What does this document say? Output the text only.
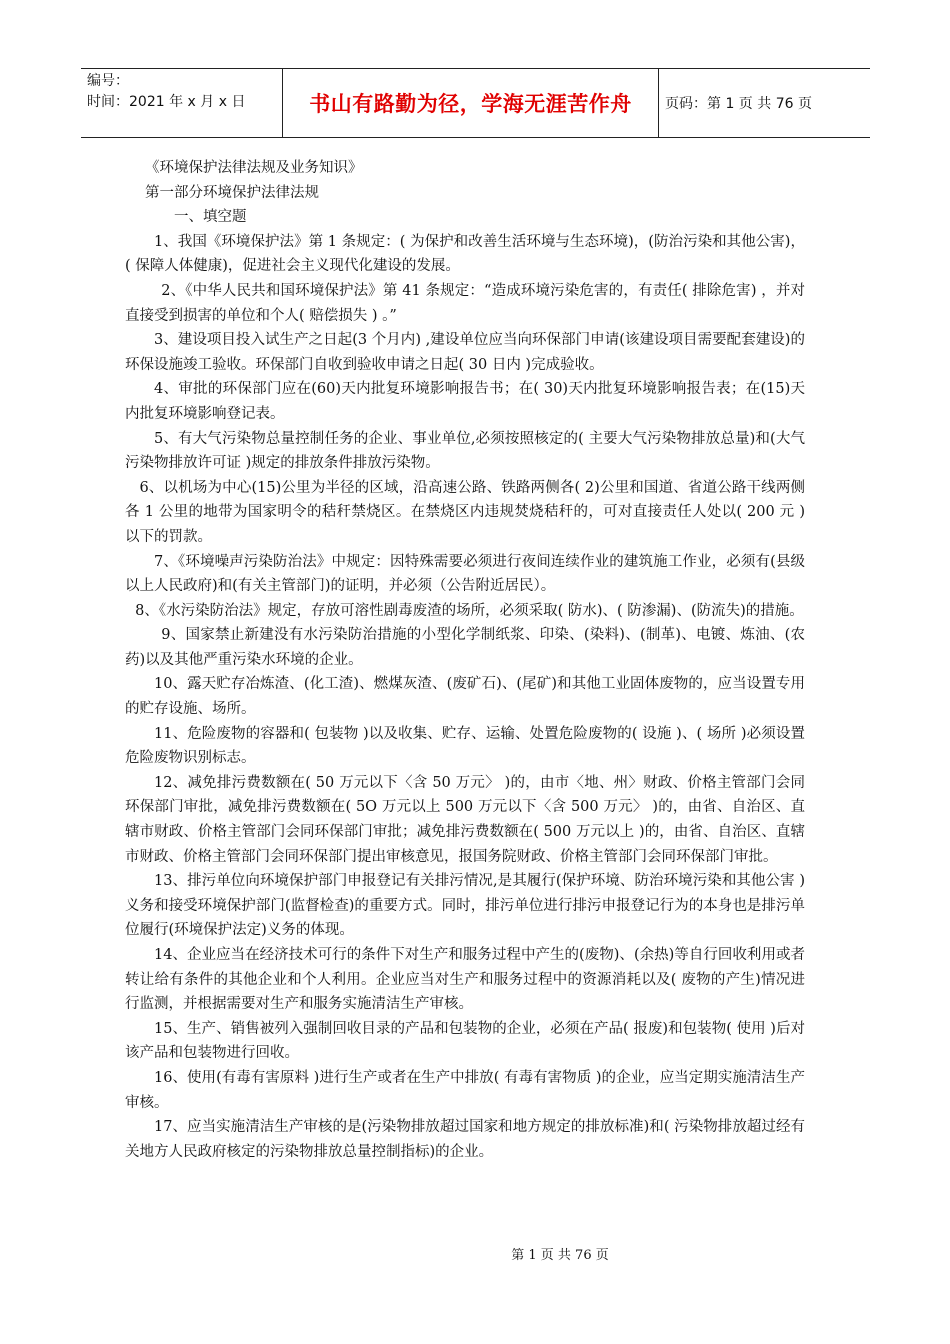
编号：
时间：2021 年 x 月 x 日	书山有路勤为径，学海无涯苦作舟	页码：第 1 页 共 76 页

《环境保护法律法规及业务知识》

第一部分环境保护法律法规

一、填空题

1、我国《环境保护法》第 1 条规定：( 为保护和改善生活环境与生态环境)，(防治污染和其他公害)，( 保障人体健康)，促进社会主义现代化建设的发展。

2、《中华人民共和国环境保护法》第 41 条规定：“造成环境污染危害的，有责任( 排除危害) ，并对直接受到损害的单位和个人( 赔偿损失 ) 。”

3、建设项目投入试生产之日起(3 个月内) ,建设单位应当向环保部门申请(该建设项目需要配套建设)的环保设施竣工验收。环保部门自收到验收申请之日起( 30 日内 )完成验收。

4、审批的环保部门应在(60)天内批复环境影响报告书；在( 30)天内批复环境影响报告表；在(15)天内批复环境影响登记表。

5、有大气污染物总量控制任务的企业、事业单位,必须按照核定的( 主要大气污染物排放总量)和(大气污染物排放许可证 )规定的排放条件排放污染物。

6、以机场为中心(15)公里为半径的区域，沿高速公路、铁路两侧各( 2)公里和国道、省道公路干线两侧各 1 公里的地带为国家明令的秸秆禁烧区。在禁烧区内违规焚烧秸秆的，可对直接责任人处以( 200 元 )以下的罚款。

7、《环境噪声污染防治法》中规定：因特殊需要必须进行夜间连续作业的建筑施工作业，必须有(县级以上人民政府)和(有关主管部门)的证明，并必须（公告附近居民）。

8、《水污染防治法》规定，存放可溶性剧毒废渣的场所，必须采取( 防水)、( 防渗漏)、(防流失)的措施。

9、国家禁止新建没有水污染防治措施的小型化学制纸浆、印染、(染料)、(制革)、电镀、炼油、(农药)以及其他严重污染水环境的企业。

10、露天贮存冶炼渣、(化工渣)、燃煤灰渣、(废矿石)、(尾矿)和其他工业固体废物的，应当设置专用的贮存设施、场所。

11、危险废物的容器和( 包装物 )以及收集、贮存、运输、处置危险废物的( 设施 )、( 场所 )必须设置危险废物识别标志。

12、减免排污费数额在( 50 万元以下〈含 50 万元〉 )的，由市〈地、州〉财政、价格主管部门会同环保部门审批，减免排污费数额在( 5O 万元以上 500 万元以下〈含 500 万元〉 )的，由省、自治区、直辖市财政、价格主管部门会同环保部门审批；减免排污费数额在( 500 万元以上 )的，由省、自治区、直辖市财政、价格主管部门会同环保部门提出审核意见，报国务院财政、价格主管部门会同环保部门审批。

13、排污单位向环境保护部门申报登记有关排污情况,是其履行(保护环境、防治环境污染和其他公害 )义务和接受环境保护部门(监督检查)的重要方式。同时，排污单位进行排污申报登记行为的本身也是排污单位履行(环境保护法定)义务的体现。

14、企业应当在经济技术可行的条件下对生产和服务过程中产生的(废物)、(余热)等自行回收利用或者转让给有条件的其他企业和个人利用。企业应当对生产和服务过程中的资源消耗以及( 废物的产生)情况进行监测，并根据需要对生产和服务实施清洁生产审核。

15、生产、销售被列入强制回收目录的产品和包装物的企业，必须在产品( 报废)和包装物( 使用 )后对该产品和包装物进行回收。

16、使用(有毒有害原料 )进行生产或者在生产中排放( 有毒有害物质 )的企业，应当定期实施清洁生产审核。

17、应当实施清洁生产审核的是(污染物排放超过国家和地方规定的排放标准)和( 污染物排放超过经有关地方人民政府核定的污染物排放总量控制指标)的企业。

第 1 页 共 76 页
